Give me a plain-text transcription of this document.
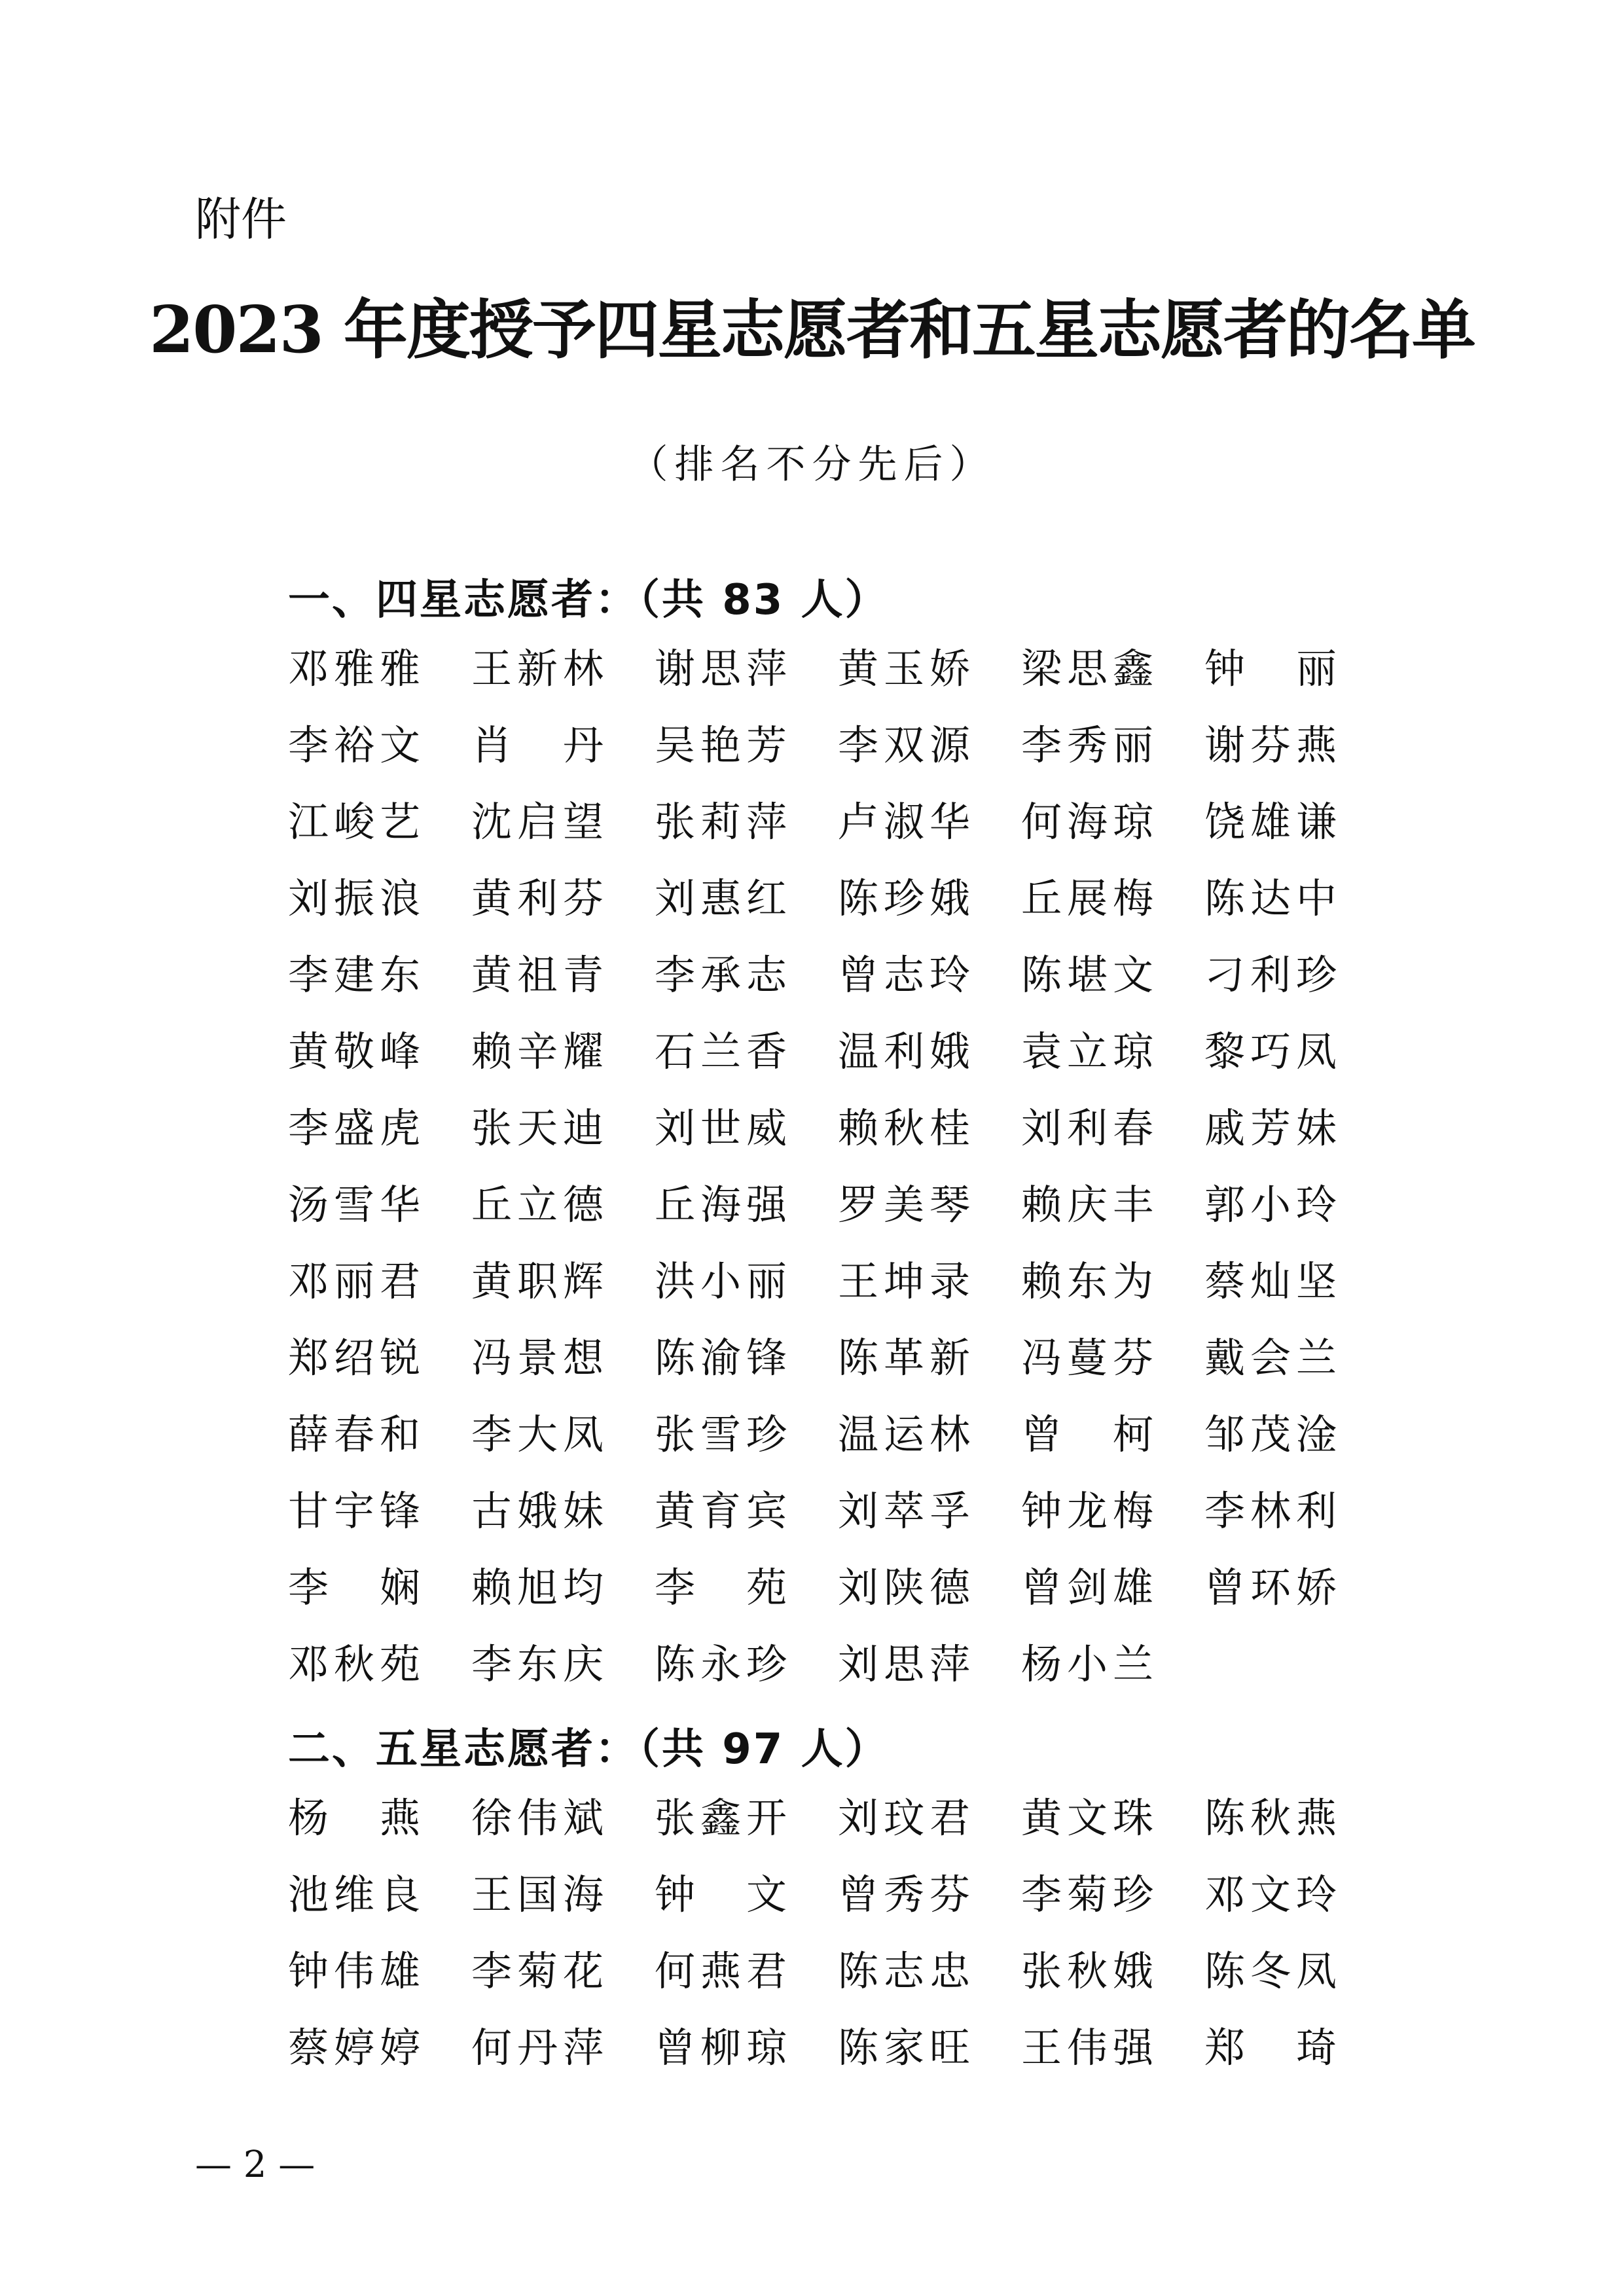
附件
2023 年度授予四星志愿者和五星志愿者的名单
（排名不分先后）
一、四星志愿者：（共 83 人）
邓雅雅	王新林	谢思萍	黄玉娇	梁思鑫	钟　丽
李裕文	肖　丹	吴艳芳	李双源	李秀丽	谢芬燕
江峻艺	沈启望	张莉萍	卢淑华	何海琼	饶雄谦
刘振浪	黄利芬	刘惠红	陈珍娥	丘展梅	陈达中
李建东	黄祖青	李承志	曾志玲	陈堪文	刁利珍
黄敬峰	赖辛耀	石兰香	温利娥	袁立琼	黎巧凤
李盛虎	张天迪	刘世威	赖秋桂	刘利春	戚芳妹
汤雪华	丘立德	丘海强	罗美琴	赖庆丰	郭小玲
邓丽君	黄职辉	洪小丽	王坤录	赖东为	蔡灿坚
郑绍锐	冯景想	陈渝锋	陈革新	冯蔓芬	戴会兰
薛春和	李大凤	张雪珍	温运林	曾　柯	邹茂淦
甘宇锋	古娥妹	黄育宾	刘萃孚	钟龙梅	李林利
李　娴	赖旭均	李　苑	刘陕德	曾剑雄	曾环娇
邓秋苑	李东庆	陈永珍	刘思萍	杨小兰
二、五星志愿者：（共 97 人）
杨　燕	徐伟斌	张鑫开	刘玟君	黄文珠	陈秋燕
池维良	王国海	钟　文	曾秀芬	李菊珍	邓文玲
钟伟雄	李菊花	何燕君	陈志忠	张秋娥	陈冬凤
蔡婷婷	何丹萍	曾柳琼	陈家旺	王伟强	郑　琦
— 2 —
